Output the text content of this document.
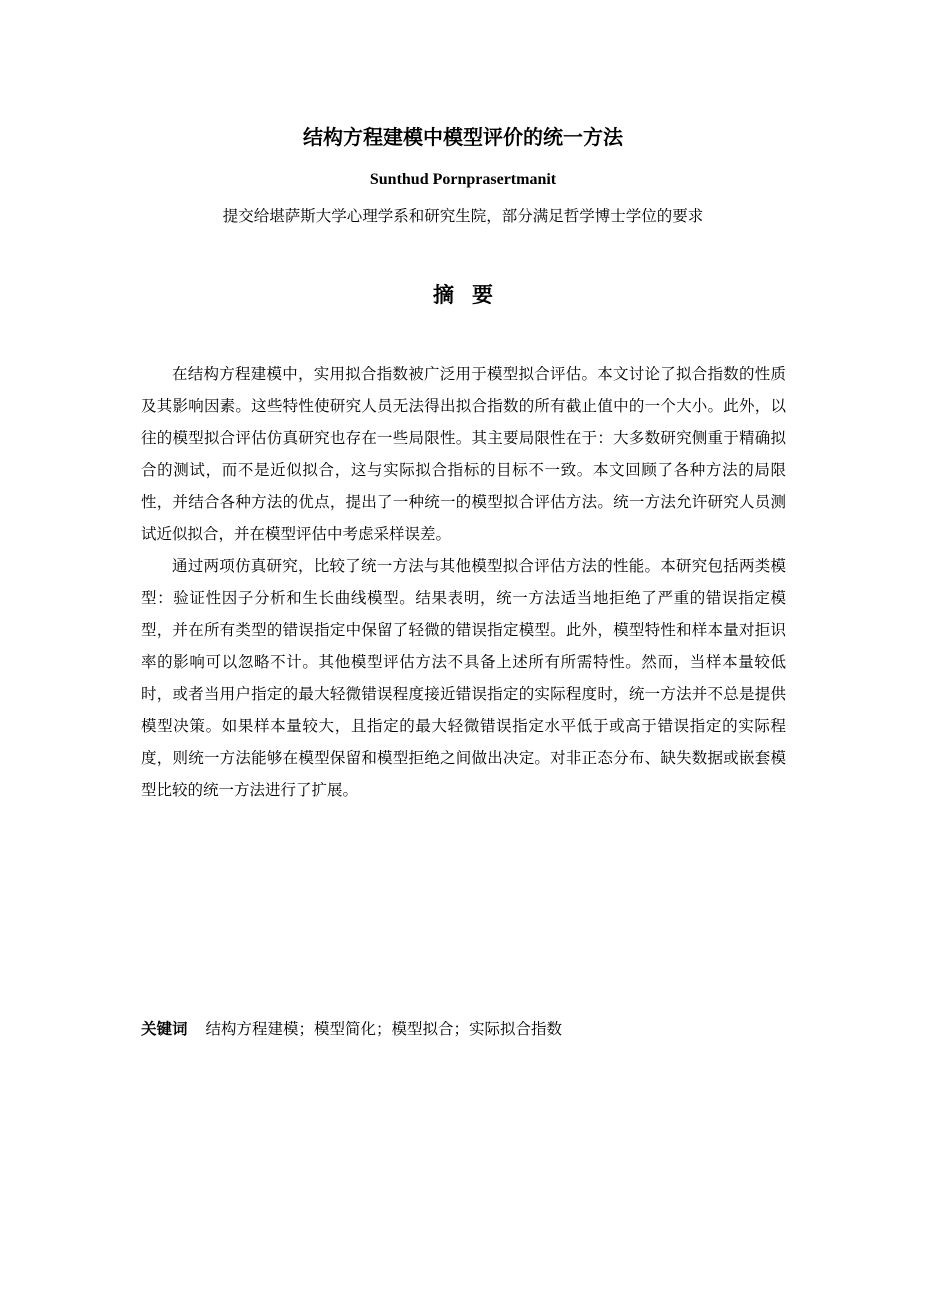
结构方程建模中模型评价的统一方法
Sunthud Pornprasertmanit
提交给堪萨斯大学心理学系和研究生院，部分满足哲学博士学位的要求
摘要

在结构方程建模中，实用拟合指数被广泛用于模型拟合评估。本文讨论了拟合指数的性质及其影响因素。这些特性使研究人员无法得出拟合指数的所有截止值中的一个大小。此外，以往的模型拟合评估仿真研究也存在一些局限性。其主要局限性在于：大多数研究侧重于精确拟合的测试，而不是近似拟合，这与实际拟合指标的目标不一致。本文回顾了各种方法的局限性，并结合各种方法的优点，提出了一种统一的模型拟合评估方法。统一方法允许研究人员测试近似拟合，并在模型评估中考虑采样误差。

通过两项仿真研究，比较了统一方法与其他模型拟合评估方法的性能。本研究包括两类模型：验证性因子分析和生长曲线模型。结果表明，统一方法适当地拒绝了严重的错误指定模型，并在所有类型的错误指定中保留了轻微的错误指定模型。此外，模型特性和样本量对拒识率的影响可以忽略不计。其他模型评估方法不具备上述所有所需特性。然而，当样本量较低时，或者当用户指定的最大轻微错误程度接近错误指定的实际程度时，统一方法并不总是提供模型决策。如果样本量较大，且指定的最大轻微错误指定水平低于或高于错误指定的实际程度，则统一方法能够在模型保留和模型拒绝之间做出决定。对非正态分布、缺失数据或嵌套模型比较的统一方法进行了扩展。

关键词 结构方程建模；模型简化；模型拟合；实际拟合指数
